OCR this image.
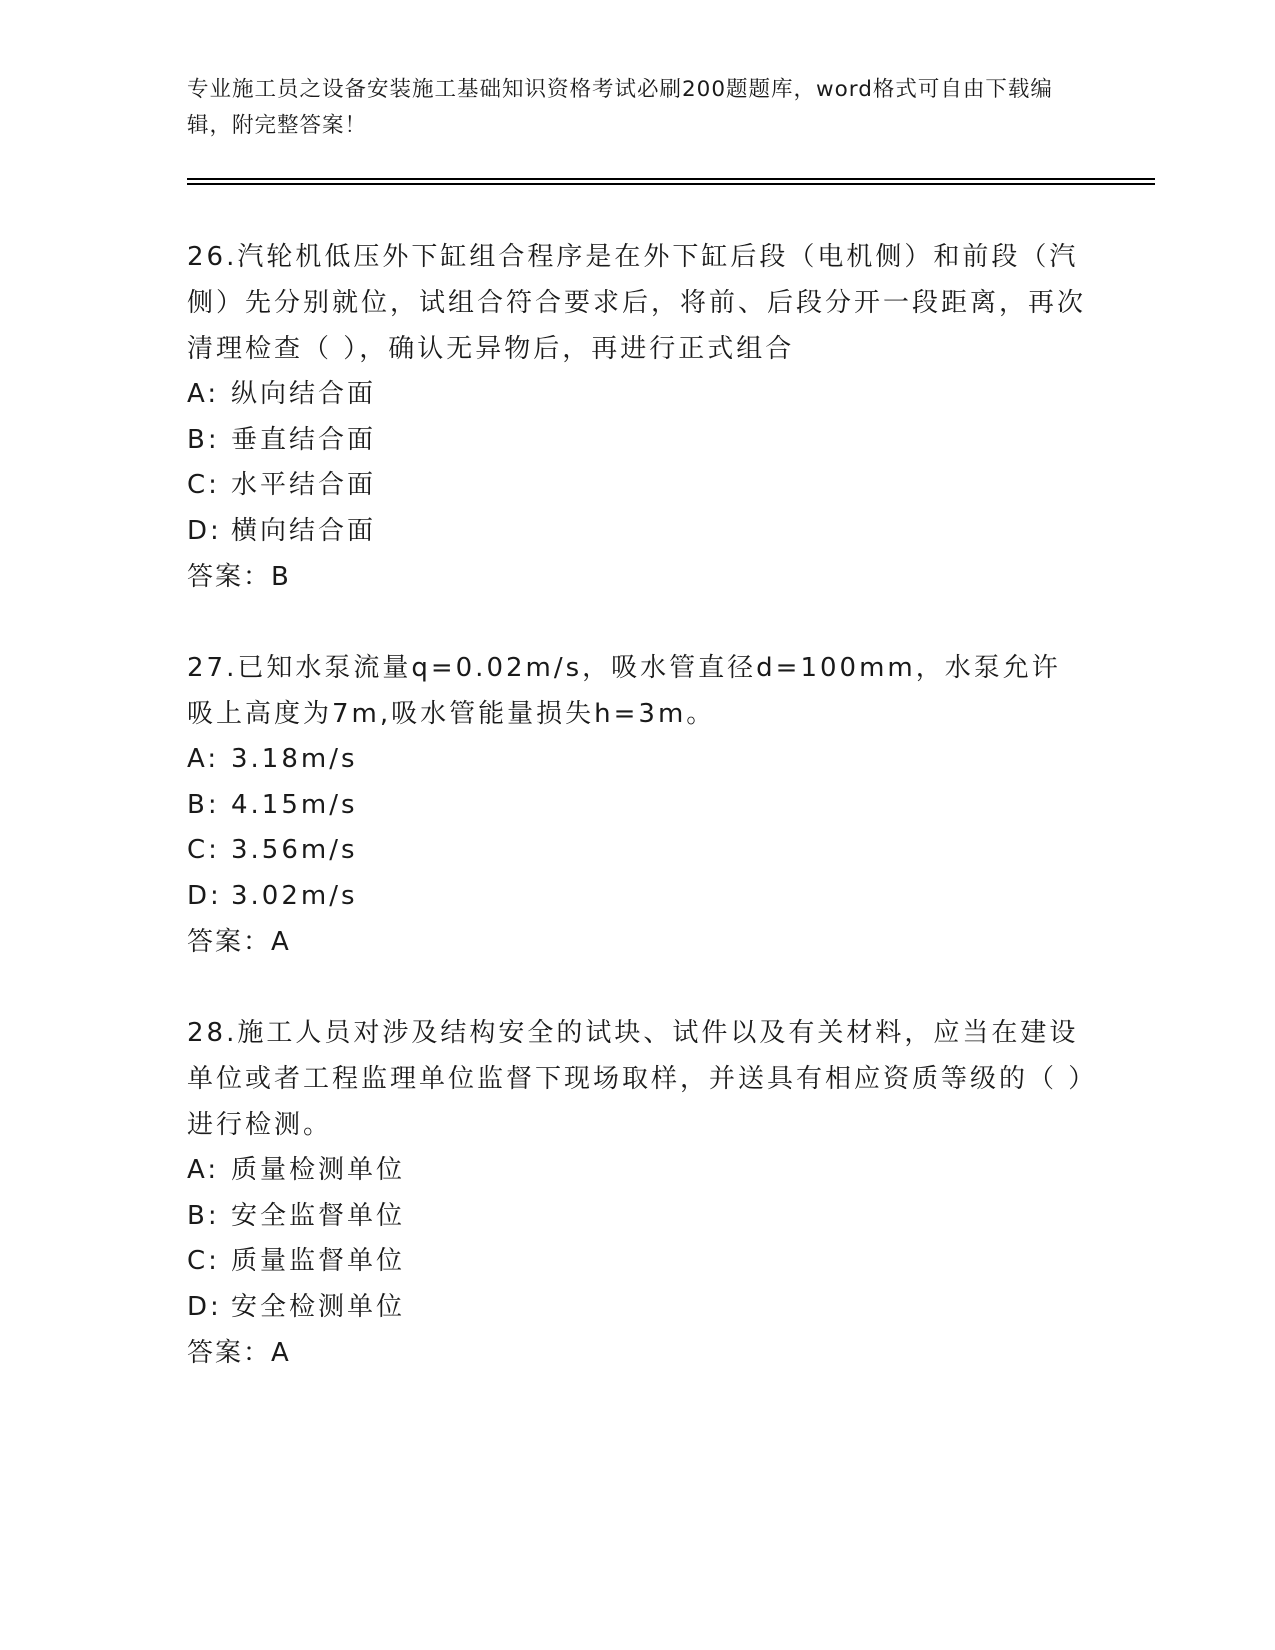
专业施工员之设备安装施工基础知识资格考试必刷200题题库，word格式可自由下载编辑，附完整答案！

26.汽轮机低压外下缸组合程序是在外下缸后段（电机侧）和前段（汽侧）先分别就位，试组合符合要求后，将前、后段分开一段距离，再次清理检查（ ），确认无异物后，再进行正式组合

A: 纵向结合面

B: 垂直结合面

C: 水平结合面

D: 横向结合面

答案：B

27.已知水泵流量q=0.02m/s，吸水管直径d=100mm，水泵允许吸上高度为7m,吸水管能量损失h=3m。

A: 3.18m/s

B: 4.15m/s

C: 3.56m/s

D: 3.02m/s

答案：A

28.施工人员对涉及结构安全的试块、试件以及有关材料，应当在建设单位或者工程监理单位监督下现场取样，并送具有相应资质等级的（ ）进行检测。

A: 质量检测单位

B: 安全监督单位

C: 质量监督单位

D: 安全检测单位

答案：A
